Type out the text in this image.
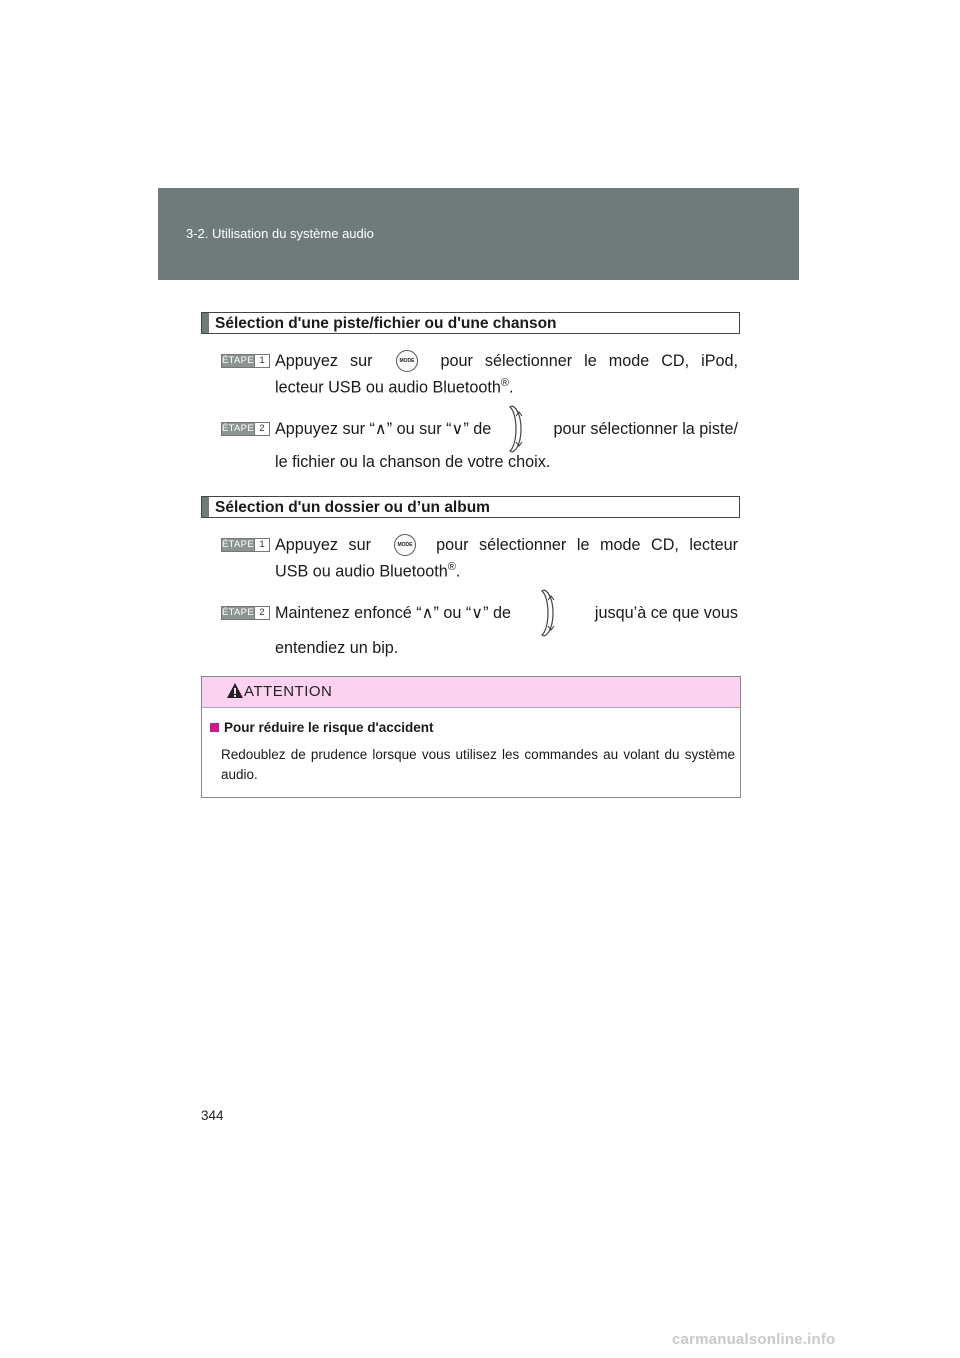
3-2. Utilisation du système audio
Sélection d'une piste/fichier ou d'une chanson
ÉTAPE 1 Appuyez sur	pour sélectionner le mode CD, iPod,
lecteur USB ou audio Bluetooth®.
MODE
ÉTAPE 2 Appuyez sur “∧” ou sur “∨” de	pour sélectionner la piste/
le fichier ou la chanson de votre choix.
Sélection d'un dossier ou d’un album
ÉTAPE 1 Appuyez sur	pour sélectionner le mode CD, lecteur
USB ou audio Bluetooth®.
MODE
ÉTAPE 2 Maintenez enfoncé “∧” ou “∨” de	jusqu’à ce que vous
entendiez un bip.
ATTENTION
Pour réduire le risque d'accident
Redoublez de prudence lorsque vous utilisez les commandes au volant du système audio.
344
carmanualsonline.info
